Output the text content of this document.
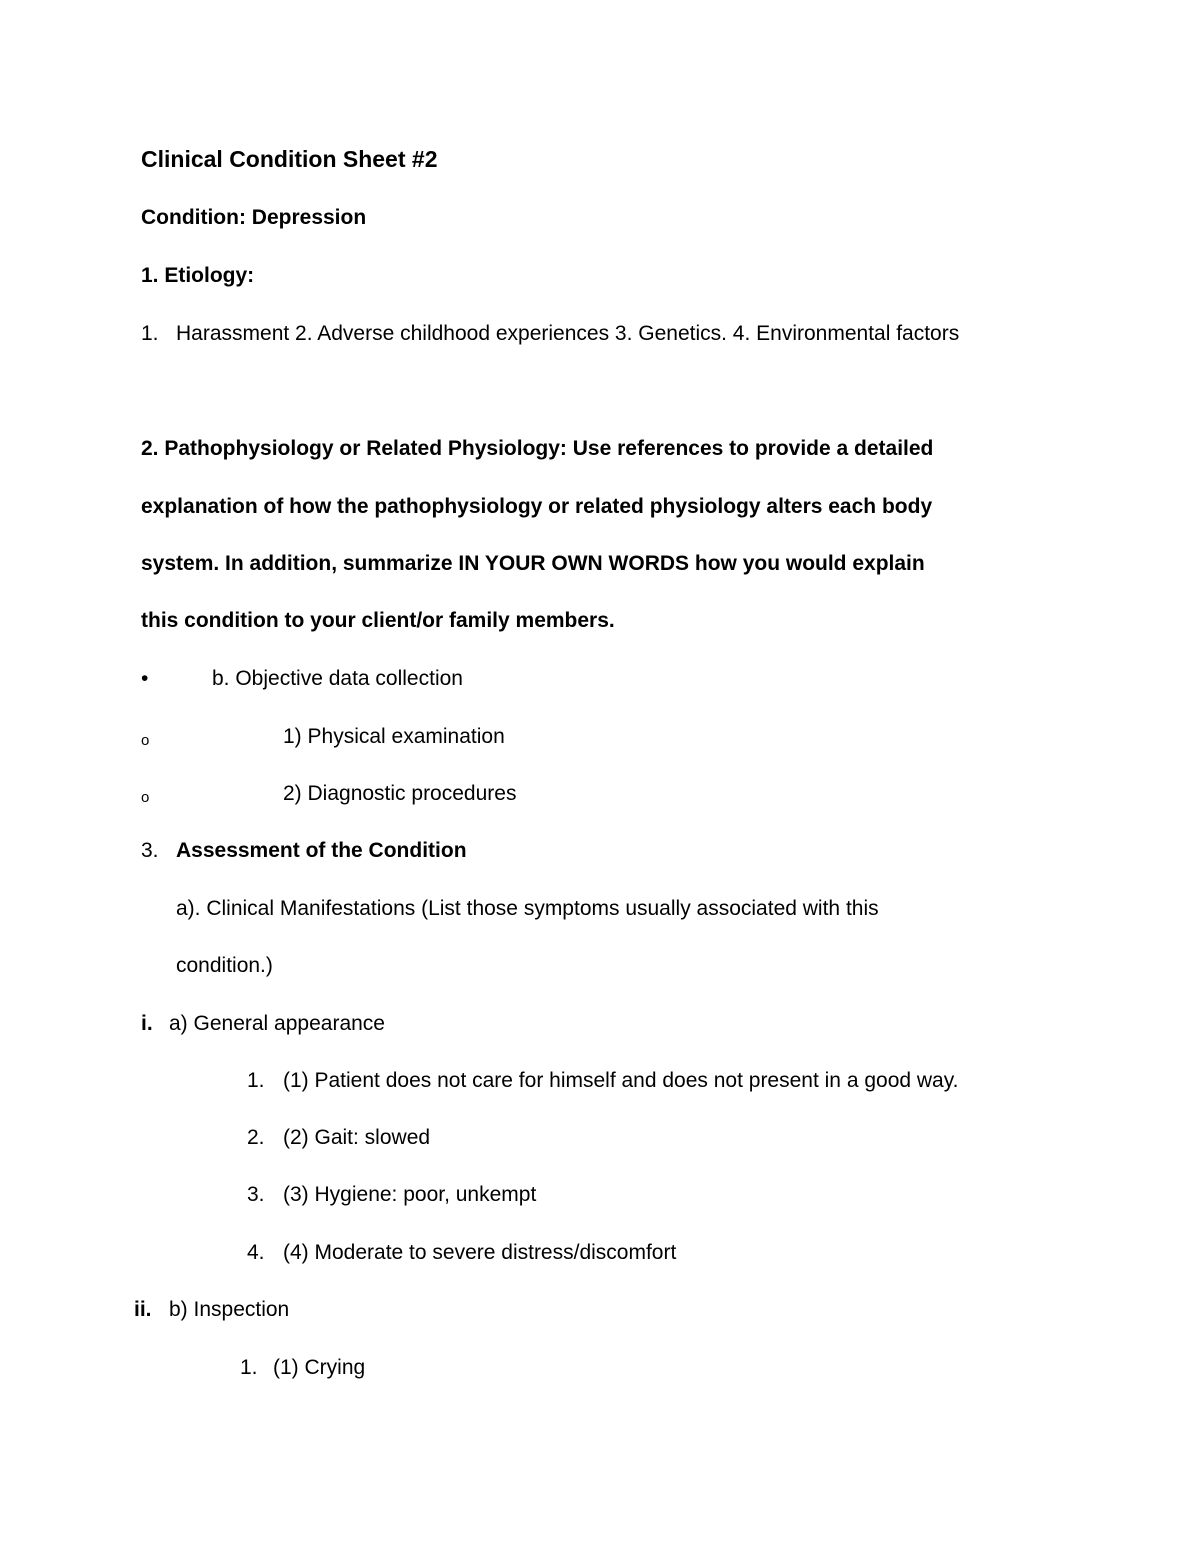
Clinical Condition Sheet #2
Condition: Depression
1. Etiology:
1. Harassment 2. Adverse childhood experiences 3. Genetics. 4. Environmental factors
2. Pathophysiology or Related Physiology: Use references to provide a detailed
explanation of how the pathophysiology or related physiology alters each body
system. In addition, summarize IN YOUR OWN WORDS how you would explain
this condition to your client/or family members.
•	b. Objective data collection
o	1) Physical examination
o	2) Diagnostic procedures
3. Assessment of the Condition
a). Clinical Manifestations (List those symptoms usually associated with this
condition.)
i. a) General appearance
1. (1) Patient does not care for himself and does not present in a good way.
2. (2) Gait: slowed
3. (3) Hygiene: poor, unkempt
4. (4) Moderate to severe distress/discomfort
ii. b) Inspection
1. (1) Crying
